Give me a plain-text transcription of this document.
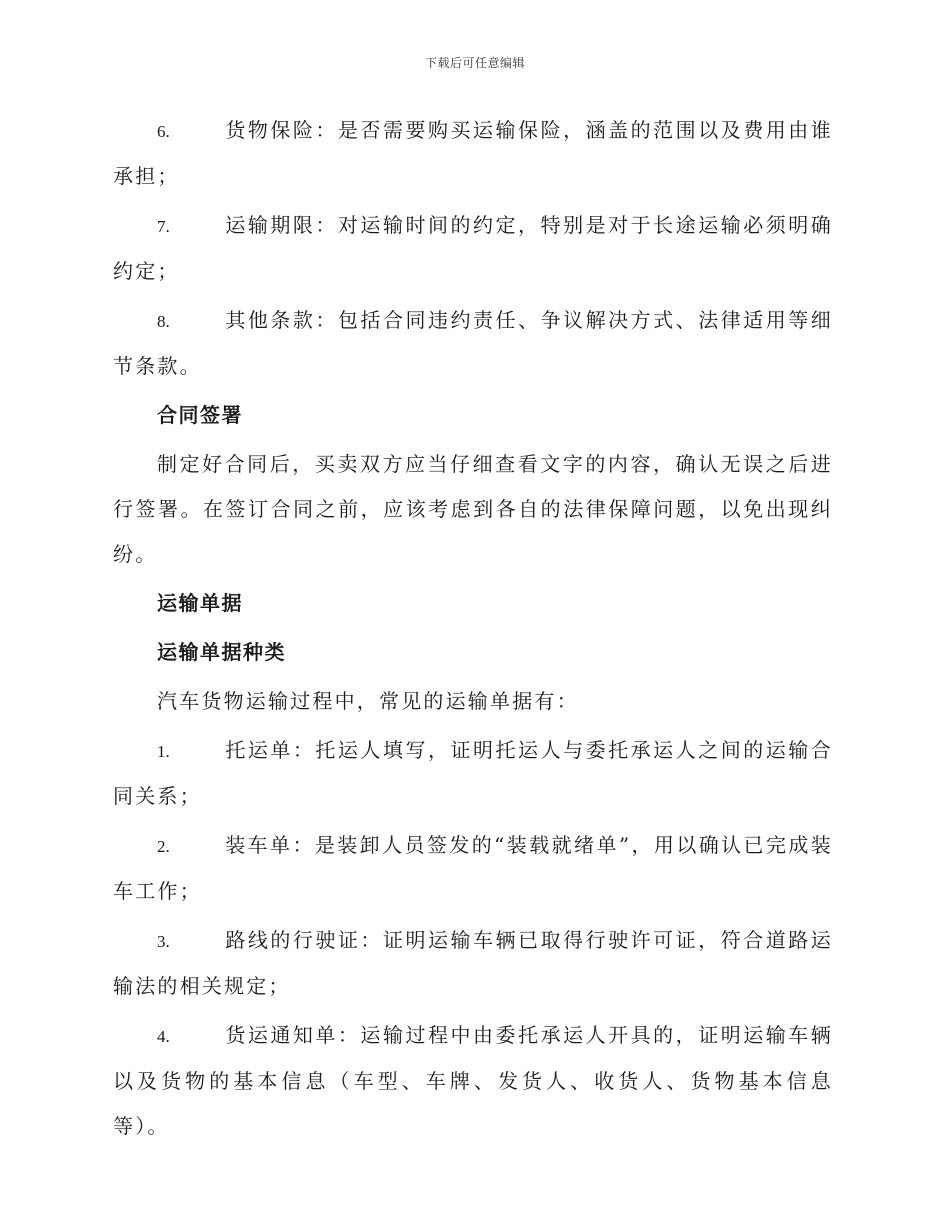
下载后可任意编辑
6.	货物保险：是否需要购买运输保险，涵盖的范围以及费用由谁承担；
7.	运输期限：对运输时间的约定，特别是对于长途运输必须明确约定；
8.	其他条款：包括合同违约责任、争议解决方式、法律适用等细节条款。
合同签署
制定好合同后，买卖双方应当仔细查看文字的内容，确认无误之后进行签署。在签订合同之前，应该考虑到各自的法律保障问题，以免出现纠纷。
运输单据
运输单据种类
汽车货物运输过程中，常见的运输单据有：
1.	托运单：托运人填写，证明托运人与委托承运人之间的运输合同关系；
2.	装车单：是装卸人员签发的“装载就绪单”，用以确认已完成装车工作；
3.	路线的行驶证：证明运输车辆已取得行驶许可证，符合道路运输法的相关规定；
4.	货运通知单：运输过程中由委托承运人开具的，证明运输车辆以及货物的基本信息（车型、车牌、发货人、收货人、货物基本信息等）。
